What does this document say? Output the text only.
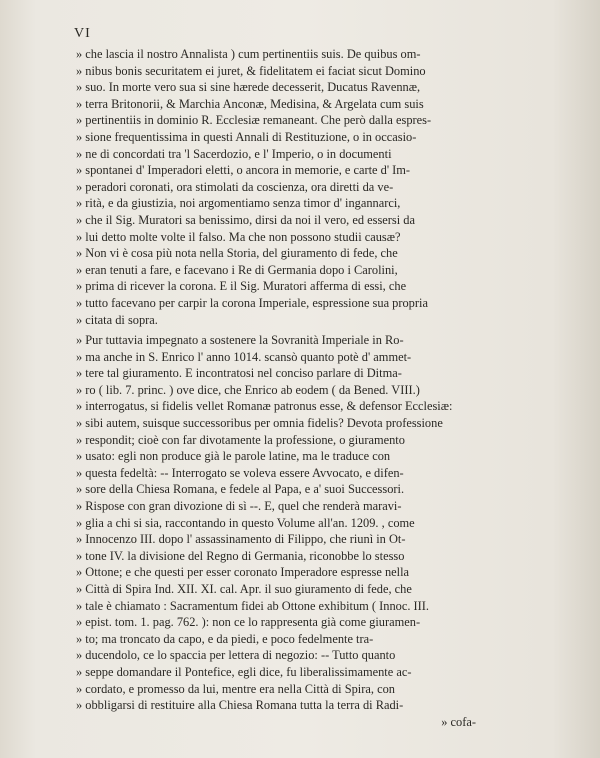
VI
» che lascia il nostro Annalista ) cum pertinentiis suis. De quibus om-
» nibus bonis securitatem ei juret, & fidelitatem ei faciat sicut Domino
» suo. In morte vero sua si sine hærede decesserit, Ducatus Ravennæ,
» terra Britonorii, & Marchia Anconæ, Medisina, & Argelata cum suis
» pertinentiis in dominio R. Ecclesiæ remaneant. Che però dalla espres-
» sione frequentissima in questi Annali di Restituzione, o in occasio-
» ne di concordati tra 'l Sacerdozio, e l' Imperio, o in documenti
» spontanei d' Imperadori eletti, o ancora in memorie, e carte d' Im-
» peradori coronati, ora stimolati da coscienza, ora diretti da ve-
» rità, e da giustizia, noi argomentiamo senza timor d' ingannarci,
» che il Sig. Muratori sa benissimo, dirsi da noi il vero, ed essersi da
» lui detto molte volte il falso. Ma che non possono studii causæ?
» Non vi è cosa più nota nella Storia, del giuramento di fede, che
» eran tenuti a fare, e facevano i Re di Germania dopo i Carolini,
» prima di ricever la corona. E il Sig. Muratori afferma di essi, che
» tutto facevano per carpir la corona Imperiale, espressione sua propria
» citata di sopra.
» Pur tuttavia impegnato a sostenere la Sovranità Imperiale in Ro-
» ma anche in S. Enrico l' anno 1014. scansò quanto potè d' ammet-
» tere tal giuramento. E incontratosi nel conciso parlare di Ditma-
» ro ( lib. 7. princ. ) ove dice, che Enrico ab eodem ( da Bened. VIII.)
» interrogatus, si fidelis vellet Romanæ patronus esse, & defensor Ecclesiæ:
» sibi autem, suisque successoribus per omnia fidelis? Devota professione
» respondit; cioè con far divotamente la professione, o giuramento
» usato: egli non produce già le parole latine, ma le traduce con
» questa fedeltà: -- Interrogato se voleva essere Avvocato, e difen-
» sore della Chiesa Romana, e fedele al Papa, e a' suoi Successori.
» Rispose con gran divozione di sì --. E, quel che renderà maravi-
» glia a chi si sia, raccontando in questo Volume all'an. 1209. , come
» Innocenzo III. dopo l' assassinamento di Filippo, che riunì in Ot-
» tone IV. la divisione del Regno di Germania, riconobbe lo stesso
» Ottone; e che questi per esser coronato Imperadore espresse nella
» Città di Spira Ind. XII. XI. cal. Apr. il suo giuramento di fede, che
» tale è chiamato : Sacramentum fidei ab Ottone exhibitum ( Innoc. III.
» epist. tom. 1. pag. 762. ): non ce lo rappresenta già come giuramen-
» to; ma troncato da capo, e da piedi, e poco fedelmente tra-
» ducendolo, ce lo spaccia per lettera di negozio: -- Tutto quanto
» seppe domandare il Pontefice, egli dice, fu liberalissimamente ac-
» cordato, e promesso da lui, mentre era nella Città di Spira, con
» obbligarsi di restituire alla Chiesa Romana tutta la terra di Radi-
» cofa-
